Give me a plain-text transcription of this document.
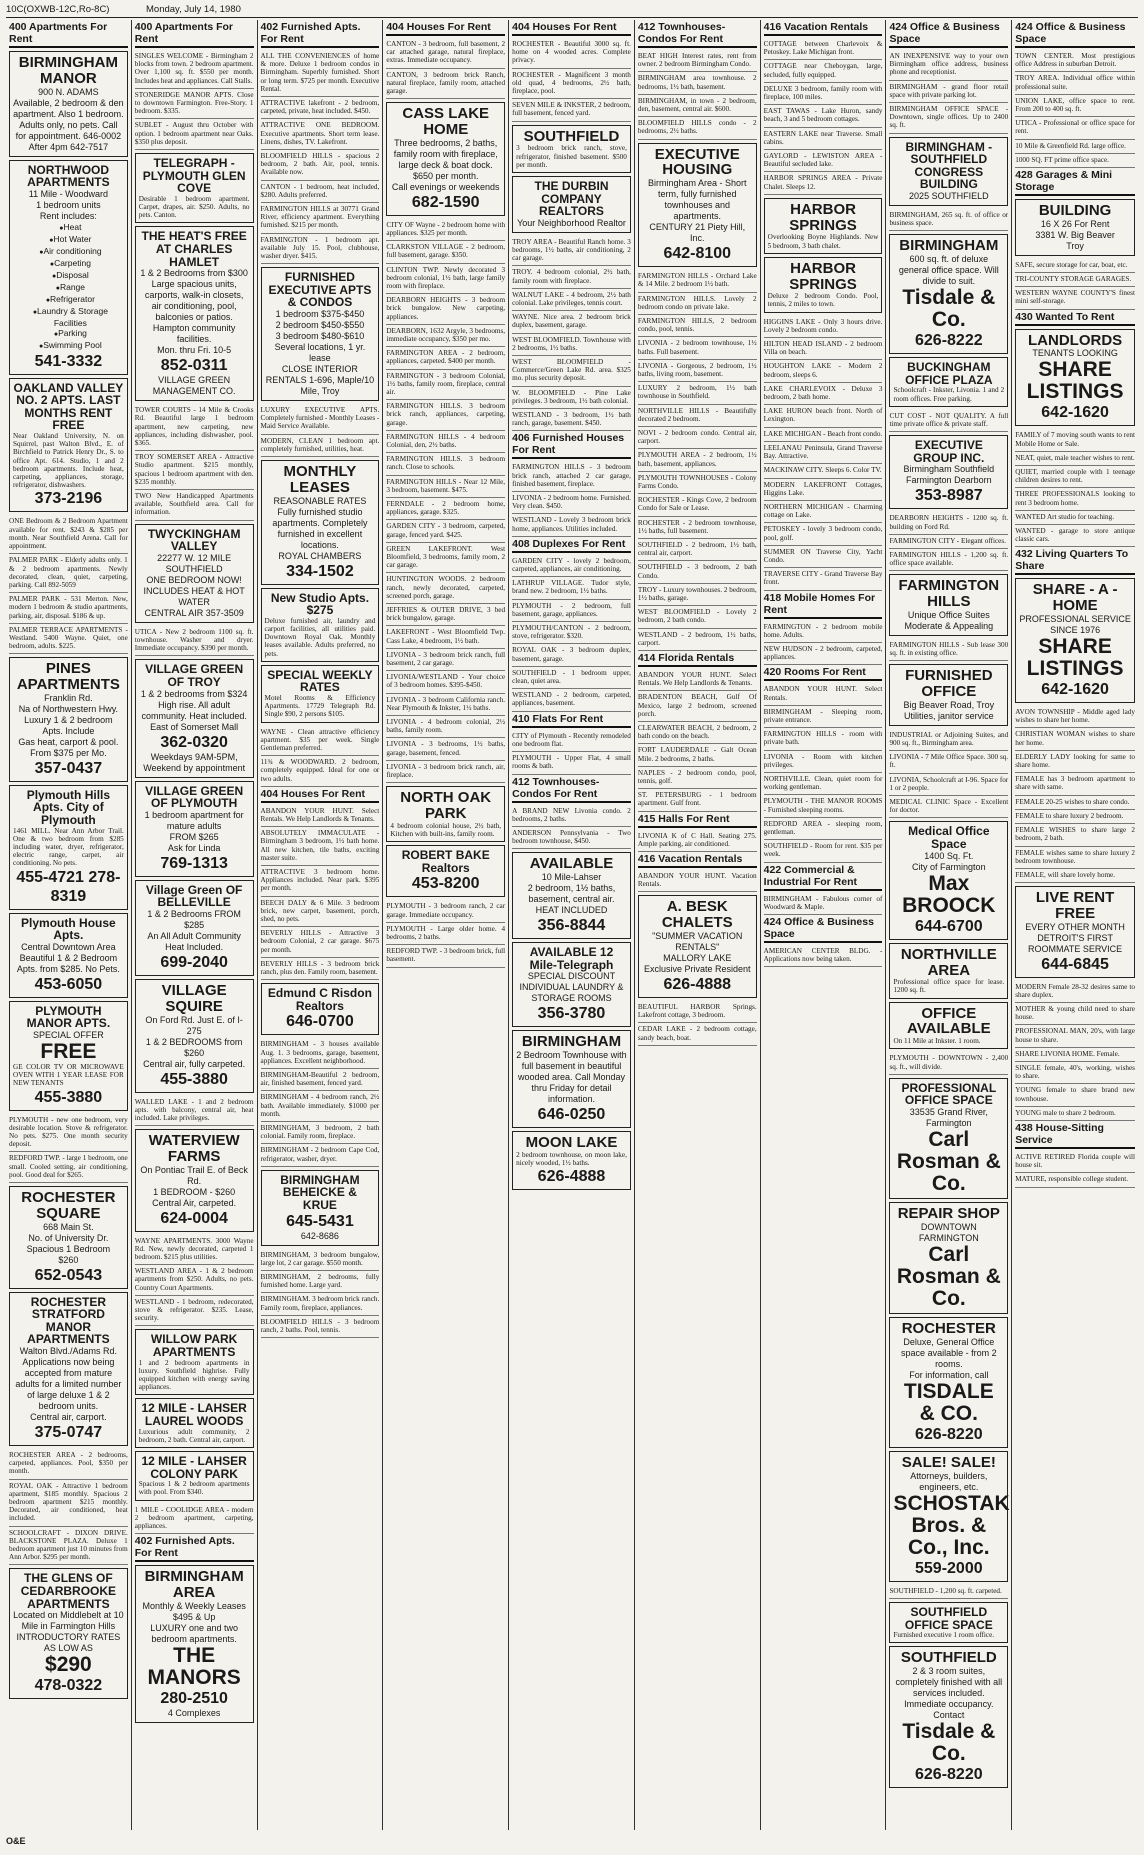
10C(OXWB-12C,Ro-8C)	Monday, July 14, 1980
400 Apartments For Rent
BIRMINGHAM MANOR
900 N. ADAMS
Available, 2 bedroom & den apartment. Also 1 bedroom. Adults only, no pets. Call for appointment. 646-0002
After 4pm 642-7517
NORTHWOOD APARTMENTS
11 Mile - Woodward
1 bedroom units
Rent includes:
● Heat
● Hot Water
● Air conditioning
● Carpeting
● Disposal
● Range
● Refrigerator
● Laundry & Storage Facilities
● Parking
● Swimming Pool
541-3332
OAKLAND VALLEY NO. 2 APTS. LAST MONTHS RENT FREE
Near Oakland University, N. on Squirrel, past Walton Blvd., E. of Birchfield to Patrick Henry Dr., S. to office Apt. 614. Studio, 1 and 2 bedroom apartments. Include heat, carpeting, appliances, storage, refrigerator, dishwashers.
373-2196
ONE Bedroom & 2 Bedroom Apartment available for rent. $243 & $285 per month. Near Southfield Arena. Call for appointment.
PALMER PARK - Elderly adults only. 1 & 2 bedroom apartments. Newly decorated, clean, quiet, carpeting, parking. Call 892-5059
PALMER PARK - 531 Merton. New, modern 1 bedroom & studio apartments, parking, air, disposal. $186 & up.
PALMER TERRACE APARTMENTS - Westland. 5400 Wayne. Quiet, one bedroom, adults. $225.
PINES APARTMENTS
Franklin Rd.
Na of Northwestern Hwy.
Luxury 1 & 2 bedroom Apts. Include
Gas heat, carport & pool.
From $375 per Mo.
357-0437
Plymouth Hills Apts. City of Plymouth
1461 MILL. Near Ann Arbor Trail. One & two bedroom from $285 including water, dryer, refrigerator, electric range, carpet, air conditioning. No pets.
455-4721 278-8319
Plymouth House Apts.
Central Downtown Area
Beautiful 1 & 2 Bedroom Apts. from $285. No Pets.
453-6050
PLYMOUTH MANOR APTS.
SPECIAL OFFER
FREE
GE COLOR TV OR MICROWAVE OVEN WITH 1 YEAR LEASE FOR NEW TENANTS
455-3880
PLYMOUTH - new one bedroom, very desirable location. Stove & refrigerator. No pets. $275. One month security deposit.
REDFORD TWP. - large 1 bedroom, one small. Cooled setting, air conditioning, pool. Good deal for $265.
ROCHESTER SQUARE
668 Main St.
No. of University Dr.
Spacious 1 Bedroom
$260
652-0543
ROCHESTER STRATFORD MANOR APARTMENTS
Walton Blvd./Adams Rd.
Applications now being accepted from mature adults for a limited number of large deluxe 1 & 2 bedroom units.
Central air, carport.
375-0747
ROCHESTER AREA - 2 bedrooms, carpeted, appliances. Pool, $350 per month.
ROYAL OAK - Attractive 1 bedroom apartment, $185 monthly. Spacious 2 bedroom apartment $215 monthly. Decorated, air conditioned, heat included.
SCHOOLCRAFT - DIXON DRIVE. BLACKSTONE PLAZA. Deluxe 1 bedroom apartment just 10 minutes from Ann Arbor. $295 per month.
THE GLENS OF CEDARBROOKE APARTMENTS
Located on Middlebelt at 10 Mile in Farmington Hills
INTRODUCTORY RATES AS LOW AS
$290
478-0322
400 Apartments For Rent
SINGLES WELCOME - Birmingham 2 blocks from town. 2 bedroom apartment. Over 1,100 sq. ft. $550 per month. Includes heat and appliances. Call Stalls.
STONERIDGE MANOR APTS. Close to downtown Farmington. Free-Story. 1 bedroom. $335.
SUBLET - August thru October with option. 1 bedroom apartment near Oaks. $350 plus deposit.
TELEGRAPH - PLYMOUTH GLEN COVE
Desirable 1 bedroom apartment. Carpet, drapes, air. $250. Adults, no pets. Canton.
THE HEAT'S FREE AT CHARLES HAMLET
1 & 2 Bedrooms from $300
Large spacious units, carports, walk-in closets, air conditioning, pool, balconies or patios. Hampton community facilities.
Mon. thru Fri. 10-5
852-0311
VILLAGE GREEN MANAGEMENT CO.
TOWER COURTS - 14 Mile & Crooks Rd. Beautiful large 1 bedroom apartment, new carpeting, new appliances, including dishwasher, pool. $365.
TROY SOMERSET AREA - Attractive Studio apartment. $215 monthly, spacious 1 bedroom apartment with den. $235 monthly.
TWO New Handicapped Apartments available, Southfield area. Call for information.
TWYCKINGHAM VALLEY
22277 W. 12 MILE SOUTHFIELD
ONE BEDROOM NOW! INCLUDES HEAT & HOT WATER
CENTRAL AIR 357-3509
UTICA - New 2 bedroom 1100 sq. ft. townhouse. Washer and dryer. Immediate occupancy. $390 per month.
VILLAGE GREEN OF TROY
1 & 2 bedrooms from $324
High rise. All adult community. Heat included.
East of Somerset Mall
362-0320
Weekdays 9AM-5PM, Weekend by appointment
VILLAGE GREEN OF PLYMOUTH
1 bedroom apartment for mature adults
FROM $265
Ask for Linda
769-1313
Village Green OF BELLEVILLE
1 & 2 Bedrooms FROM $285
An All Adult Community Heat Included.
699-2040
VILLAGE SQUIRE
On Ford Rd. Just E. of I-275
1 & 2 BEDROOMS from $260
Central air, fully carpeted.
455-3880
WALLED LAKE - 1 and 2 bedroom apts. with balcony, central air, heat included. Lake privileges.
WATERVIEW FARMS
On Pontiac Trail E. of Beck Rd.
1 BEDROOM - $260
Central Air, carpeted.
624-0004
WAYNE APARTMENTS. 3000 Wayne Rd. New, newly decorated, carpeted 1 bedroom. $215 plus utilities.
WESTLAND AREA - 1 & 2 bedroom apartments from $250. Adults, no pets. Country Court Apartments.
WESTLAND - 1 bedroom, redecorated, stove & refrigerator. $235. Lease, security.
WILLOW PARK APARTMENTS
1 and 2 bedroom apartments in luxury. Southfield highrise. Fully equipped kitchen with energy saving appliances.
12 MILE - LAHSER LAUREL WOODS
Luxurious adult community, 2 bedroom, 2 bath. Central air, carport.
12 MILE - LAHSER COLONY PARK
Spacious 1 & 2 bedroom apartments with pool. From $340.
1 MILE - COOLIDGE AREA - modern 2 bedroom apartment, carpeting, appliances.
402 Furnished Apts. For Rent
BIRMINGHAM AREA
Monthly & Weekly Leases
$495 & Up
LUXURY one and two bedroom apartments.
THE MANORS
280-2510
4 Complexes
402 Furnished Apts. For Rent
ALL THE CONVENIENCES of home & more. Deluxe 1 bedroom condos in Birmingham. Superbly furnished. Short or long term. $725 per month. Executive Rental.
ATTRACTIVE lakefront - 2 bedroom, carpeted, private, heat included. $450.
ATTRACTIVE ONE BEDROOM. Executive apartments. Short term lease. Linens, dishes, TV. Lakefront.
BLOOMFIELD HILLS - spacious 2 bedroom, 2 bath. Air, pool, tennis. Available now.
CANTON - 1 bedroom, heat included, $280. Adults preferred.
FARMINGTON HILLS at 30771 Grand River, efficiency apartment. Everything furnished. $215 per month.
FARMINGTON - 1 bedroom apt. available July 15. Pool, clubhouse, washer dryer. $415.
FURNISHED EXECUTIVE APTS & CONDOS
1 bedroom $375-$450
2 bedroom $450-$550
3 bedroom $480-$610
Several locations, 1 yr. lease
CLOSE INTERIOR RENTALS 1-696, Maple/10 Mile, Troy
LUXURY EXECUTIVE APTS. Completely furnished - Monthly Leases - Maid Service Available.
MODERN, CLEAN 1 bedroom apt. completely furnished, utilities, heat.
MONTHLY LEASES
REASONABLE RATES
Fully furnished studio apartments. Completely furnished in excellent locations.
ROYAL CHAMBERS
334-1502
New Studio Apts. $275
Deluxe furnished air, laundry and carport facilities, all utilities paid. Downtown Royal Oak. Monthly leases available. Adults preferred, no pets.
SPECIAL WEEKLY RATES
Motel Rooms & Efficiency Apartments. 17729 Telegraph Rd. Single $90, 2 persons $105.
WAYNE - Clean attractive efficiency apartment. $35 per week. Single Gentleman preferred.
11¾ & WOODWARD. 2 bedroom, completely equipped. Ideal for one or two adults.
404 Houses For Rent
ABANDON YOUR HUNT. Select Rentals. We Help Landlords & Tenants.
ABSOLUTELY IMMACULATE - Birmingham 3 bedroom, 1½ bath home. All new kitchen, tile baths, exciting master suite.
ATTRACTIVE 3 bedroom home. Appliances included. Near park. $395 per month.
BEECH DALY & 6 Mile. 3 bedroom brick, new carpet, basement, porch, shed, no pets.
BEVERLY HILLS - Attractive 3 bedroom Colonial, 2 car garage. $675 per month.
BEVERLY HILLS - 3 bedroom brick ranch, plus den. Family room, basement.
Edmund C Risdon Realtors
646-0700
BIRMINGHAM - 3 houses available Aug. 1. 3 bedrooms, garage, basement, appliances. Excellent neighborhood.
BIRMINGHAM-Beautiful 2 bedroom, air, finished basement, fenced yard.
BIRMINGHAM - 4 bedroom ranch, 2½ bath. Available immediately. $1000 per month.
BIRMINGHAM, 3 bedroom, 2 bath colonial. Family room, fireplace.
BIRMINGHAM - 2 bedroom Cape Cod, refrigerator, washer, dryer.
BIRMINGHAM BEHEICKE & KRUE
645-5431
642-8686
BIRMINGHAM, 3 bedroom bungalow, large lot, 2 car garage. $550 month.
BIRMINGHAM, 2 bedrooms, fully furnished home. Large yard.
BIRMINGHAM. 3 bedroom brick ranch. Family room, fireplace, appliances.
BLOOMFIELD HILLS - 3 bedroom ranch, 2 baths. Pool, tennis.
404 Houses For Rent
CANTON - 3 bedroom, full basement, 2 car attached garage, natural fireplace, extras. Immediate occupancy.
CANTON, 3 bedroom brick Ranch, natural fireplace, family room, attached garage.
CASS LAKE HOME
Three bedrooms, 2 baths, family room with fireplace, large deck & boat dock. $650 per month.
Call evenings or weekends
682-1590
CITY OF Wayne - 2 bedroom home with appliances. $325 per month.
CLARKSTON VILLAGE - 2 bedroom, full basement, garage. $350.
CLINTON TWP. Newly decorated 3 bedroom colonial, 1½ bath, large family room with fireplace.
DEARBORN HEIGHTS - 3 bedroom brick bungalow. New carpeting, appliances.
DEARBORN, 1632 Argyle, 3 bedrooms, immediate occupancy, $350 per mo.
FARMINGTON AREA - 2 bedroom, appliances, carpeted. $400 per month.
FARMINGTON - 3 bedroom Colonial, 1½ baths, family room, fireplace, central air.
FARMINGTON HILLS. 3 bedroom brick ranch, appliances, carpeting, garage.
FARMINGTON HILLS - 4 bedroom Colonial, den, 2½ baths.
FARMINGTON HILLS. 3 bedroom ranch. Close to schools.
FARMINGTON HILLS - Near 12 Mile, 3 bedroom, basement. $475.
FERNDALE - 2 bedroom home, appliances, garage. $325.
GARDEN CITY - 3 bedroom, carpeted, garage, fenced yard. $425.
GREEN LAKEFRONT. West Bloomfield, 3 bedrooms, family room, 2 car garage.
HUNTINGTON WOODS. 2 bedroom ranch, newly decorated, carpeted, screened porch, garage.
JEFFRIES & OUTER DRIVE, 3 bed brick bungalow, garage.
LAKEFRONT - West Bloomfield Twp. Cass Lake, 4 bedroom, 1½ bath.
LIVONIA - 3 bedroom brick ranch, full basement, 2 car garage.
LIVONIA/WESTLAND - Your choice of 3 bedroom homes. $395-$450.
LIVONIA - 3 bedroom California ranch. Near Plymouth & Inkster, 1½ baths.
LIVONIA - 4 bedroom colonial, 2½ baths, family room.
LIVONIA - 3 bedrooms, 1½ baths, garage, basement, fenced.
LIVONIA - 3 bedroom brick ranch, air, fireplace.
NORTH OAK PARK
4 bedroom colonial house, 2½ bath, Kitchen with built-ins, family room.
ROBERT BAKE Realtors
453-8200
PLYMOUTH - 3 bedroom ranch, 2 car garage. Immediate occupancy.
PLYMOUTH - Large older home. 4 bedrooms, 2 baths.
REDFORD TWP. - 3 bedroom brick, full basement.
404 Houses For Rent
ROCHESTER - Beautiful 3000 sq. ft. home on 4 wooded acres. Complete privacy.
ROCHESTER - Magnificent 3 month old quad, 4 bedrooms, 2½ bath, fireplace, pool.
SEVEN MILE & INKSTER, 2 bedroom, full basement, fenced yard.
SOUTHFIELD
3 bedroom brick ranch, stove, refrigerator, finished basement. $500 per month.
THE DURBIN COMPANY REALTORS
Your Neighborhood Realtor
TROY AREA - Beautiful Ranch home. 3 bedrooms, 1½ baths, air conditioning, 2 car garage.
TROY. 4 bedroom colonial, 2½ bath, family room with fireplace.
WALNUT LAKE - 4 bedroom, 2½ bath colonial. Lake privileges, tennis court.
WAYNE. Nice area. 2 bedroom brick duplex, basement, garage.
WEST BLOOMFIELD. Townhouse with 2 bedrooms, 1½ baths.
WEST BLOOMFIELD - Commerce/Green Lake Rd. area. $325 mo. plus security deposit.
W. BLOOMFIELD - Pine Lake privileges. 3 bedroom, 1½ bath colonial.
WESTLAND - 3 bedroom, 1½ bath ranch, garage, basement. $450.
406 Furnished Houses For Rent
FARMINGTON HILLS - 3 bedroom brick ranch, attached 2 car garage, finished basement, fireplace.
LIVONIA - 2 bedroom home. Furnished. Very clean. $450.
WESTLAND - Lovely 3 bedroom brick home, appliances. Utilities included.
408 Duplexes For Rent
GARDEN CITY - lovely 2 bedroom, carpeted, appliances, air conditioning.
LATHRUP VILLAGE. Tudor style, brand new. 2 bedroom, 1½ baths.
PLYMOUTH - 2 bedroom, full basement, garage, appliances.
PLYMOUTH/CANTON - 2 bedroom, stove, refrigerator. $320.
ROYAL OAK - 3 bedroom duplex, basement, garage.
SOUTHFIELD - 1 bedroom upper, clean, quiet area.
WESTLAND - 2 bedroom, carpeted, appliances, basement.
410 Flats For Rent
CITY of Plymouth - Recently remodeled one bedroom flat.
PLYMOUTH - Upper Flat, 4 small rooms & bath.
412 Townhouses-Condos For Rent
A BRAND NEW Livonia condo. 2 bedrooms, 2 baths.
ANDERSON Pennsylvania - Two bedroom townhouse, $450.
AVAILABLE
10 Mile-Lahser
2 bedroom, 1½ baths, basement, central air.
HEAT INCLUDED
356-8844
AVAILABLE 12 Mile-Telegraph
SPECIAL DISCOUNT
INDIVIDUAL LAUNDRY & STORAGE ROOMS
356-3780
BIRMINGHAM
2 Bedroom Townhouse with full basement in beautiful wooded area. Call Monday thru Friday for detail information.
646-0250
MOON LAKE
2 bedroom townhouse, on moon lake, nicely wooded, 1½ baths.
626-4888
412 Townhouses-Condos For Rent
BEAT HIGH Interest rates, rent from owner. 2 bedroom Birmingham Condo.
BIRMINGHAM area townhouse. 2 bedrooms, 1½ bath, basement.
BIRMINGHAM, in town - 2 bedroom, den, basement, central air. $600.
BLOOMFIELD HILLS condo - 2 bedrooms, 2½ baths.
EXECUTIVE HOUSING
Birmingham Area - Short term, fully furnished townhouses and apartments.
CENTURY 21 Piety Hill, Inc.
642-8100
FARMINGTON HILLS - Orchard Lake & 14 Mile. 2 bedroom 1½ bath.
FARMINGTON HILLS. Lovely 2 bedroom condo on private lake.
FARMINGTON HILLS, 2 bedroom condo, pool, tennis.
LIVONIA - 2 bedroom townhouse, 1½ baths. Full basement.
LIVONIA - Gorgeous, 2 bedroom, 1½ baths, living room, basement.
LUXURY 2 bedroom, 1½ bath townhouse in Southfield.
NORTHVILLE HILLS - Beautifully decorated 2 bedroom.
NOVI - 2 bedroom condo. Central air, carport.
PLYMOUTH AREA - 2 bedroom, 1½ bath, basement, appliances.
PLYMOUTH TOWNHOUSES - Colony Farms Condo.
ROCHESTER - Kings Cove, 2 bedroom Condo for Sale or Lease.
ROCHESTER - 2 bedroom townhouse, 1½ baths, full basement.
SOUTHFIELD - 2 bedroom, 1½ bath, central air, carport.
SOUTHFIELD - 3 bedroom, 2 bath Condo.
TROY - Luxury townhouses. 2 bedroom, 1½ baths, garage.
WEST BLOOMFIELD - Lovely 2 bedroom, 2 bath condo.
WESTLAND - 2 bedroom, 1½ baths, carport.
414 Florida Rentals
ABANDON YOUR HUNT. Select Rentals. We Help Landlords & Tenants.
BRADENTON BEACH, Gulf Of Mexico, large 2 bedroom, screened porch.
CLEARWATER BEACH, 2 bedroom, 2 bath condo on the beach.
FORT LAUDERDALE - Galt Ocean Mile. 2 bedrooms, 2 baths.
NAPLES - 2 bedroom condo, pool, tennis, golf.
ST. PETERSBURG - 1 bedroom apartment. Gulf front.
415 Halls For Rent
LIVONIA K of C Hall. Seating 275. Ample parking, air conditioned.
416 Vacation Rentals
ABANDON YOUR HUNT. Vacation Rentals.
A. BESK CHALETS
"SUMMER VACATION RENTALS"
MALLORY LAKE
Exclusive Private Resident
626-4888
BEAUTIFUL HARBOR Springs. Lakefront cottage, 3 bedroom.
CEDAR LAKE - 2 bedroom cottage, sandy beach, boat.
416 Vacation Rentals
COTTAGE between Charlevoix & Petoskey. Lake Michigan front.
COTTAGE near Cheboygan, large, secluded, fully equipped.
DELUXE 3 bedroom, family room with fireplace, 100 miles.
EAST TAWAS - Lake Huron, sandy beach, 3 and 5 bedroom cottages.
EASTERN LAKE near Traverse. Small cabins.
GAYLORD - LEWISTON AREA - Beautiful secluded lake.
HARBOR SPRINGS AREA - Private Chalet. Sleeps 12.
HARBOR SPRINGS
Overlooking Boyne Highlands. New 5 bedroom, 3 bath chalet.
HARBOR SPRINGS
Deluxe 2 bedroom Condo. Pool, tennis, 2 miles to town.
HIGGINS LAKE - Only 3 hours drive. Lovely 2 bedroom condo.
HILTON HEAD ISLAND - 2 bedroom Villa on beach.
HOUGHTON LAKE - Modern 2 bedroom, sleeps 6.
LAKE CHARLEVOIX - Deluxe 3 bedroom, 2 bath home.
LAKE HURON beach front. North of Lexington.
LAKE MICHIGAN - Beach front condo.
LEELANAU Peninsula, Grand Traverse Bay. Attractive.
MACKINAW CITY. Sleeps 6. Color TV.
MODERN LAKEFRONT Cottages, Higgins Lake.
NORTHERN MICHIGAN - Charming cottage on Lake.
PETOSKEY - lovely 3 bedroom condo, pool, golf.
SUMMER ON Traverse City, Yacht Condo.
TRAVERSE CITY - Grand Traverse Bay front.
418 Mobile Homes For Rent
FARMINGTON - 2 bedroom mobile home. Adults.
NEW HUDSON - 2 bedroom, carpeted, appliances.
420 Rooms For Rent
ABANDON YOUR HUNT. Select Rentals.
BIRMINGHAM - Sleeping room, private entrance.
FARMINGTON HILLS - room with private bath.
LIVONIA - Room with kitchen privileges.
NORTHVILLE. Clean, quiet room for working gentleman.
PLYMOUTH - THE MANOR ROOMS - Furnished sleeping rooms.
REDFORD AREA - sleeping room, gentleman.
SOUTHFIELD - Room for rent. $35 per week.
422 Commercial & Industrial For Rent
BIRMINGHAM - Fabulous corner of Woodward & Maple.
424 Office & Business Space
AMERICAN CENTER BLDG. - Applications now being taken.
424 Office & Business Space
AN INEXPENSIVE way to your own Birmingham office address, business phone and receptionist.
BIRMINGHAM - grand floor retail space with private parking lot.
BIRMINGHAM OFFICE SPACE - Downtown, single offices. Up to 2400 sq. ft.
BIRMINGHAM - SOUTHFIELD CONGRESS BUILDING
2025 SOUTHFIELD
BIRMINGHAM, 265 sq. ft. of office or business space.
BIRMINGHAM
600 sq. ft. of deluxe general office space. Will divide to suit.
Tisdale & Co.
626-8222
BUCKINGHAM OFFICE PLAZA
Schoolcraft - Inkster, Livonia. 1 and 2 room offices. Free parking.
CUT COST - NOT QUALITY. A full time private office & private staff.
EXECUTIVE GROUP INC.
Birmingham Southfield
Farmington Dearborn
353-8987
DEARBORN HEIGHTS - 1200 sq. ft. building on Ford Rd.
FARMINGTON CITY - Elegant offices.
FARMINGTON HILLS - 1,200 sq. ft. office space available.
FARMINGTON HILLS
Unique Office Suites
Moderate & Appealing
FARMINGTON HILLS - Sub lease 300 sq. ft. in existing office.
FURNISHED OFFICE
Big Beaver Road, Troy
Utilities, janitor service
INDUSTRIAL or Adjoining Suites, and 900 sq. ft., Birmingham area.
LIVONIA - 7 Mile Office Space. 300 sq. ft.
LIVONIA, Schoolcraft at I-96. Space for 1 or 2 people.
MEDICAL CLINIC Space - Excellent for doctor.
Medical Office Space
1400 Sq. Ft.
City of Farmington
Max BROOCK
644-6700
NORTHVILLE AREA
Professional office space for lease. 1200 sq. ft.
OFFICE AVAILABLE
On 11 Mile at Inkster. 1 room.
PLYMOUTH - DOWNTOWN - 2,400 sq. ft., will divide.
PROFESSIONAL OFFICE SPACE
33535 Grand River, Farmington
Carl Rosman & Co.
REPAIR SHOP
DOWNTOWN FARMINGTON
Carl Rosman & Co.
ROCHESTER
Deluxe, General Office space available - from 2 rooms.
For information, call
TISDALE & CO.
626-8220
SALE! SALE!
Attorneys, builders, engineers, etc.
SCHOSTAK Bros. & Co., Inc.
559-2000
SOUTHFIELD - 1,200 sq. ft. carpeted.
SOUTHFIELD OFFICE SPACE
Furnished executive 1 room office.
SOUTHFIELD
2 & 3 room suites, completely finished with all services included. Immediate occupancy.
Contact
Tisdale & Co.
626-8220
424 Office & Business Space
TOWN CENTER. Most prestigious office Address in suburban Detroit.
TROY AREA. Individual office within professional suite.
UNION LAKE, office space to rent. From 200 to 400 sq. ft.
UTICA - Professional or office space for rent.
10 Mile & Greenfield Rd. large office.
1000 SQ. FT prime office space.
428 Garages & Mini Storage
BUILDING
16 X 26 For Rent
3381 W. Big Beaver
Troy
SAFE, secure storage for car, boat, etc.
TRI-COUNTY STORAGE GARAGES.
WESTERN WAYNE COUNTY'S finest mini self-storage.
430 Wanted To Rent
LANDLORDS
TENANTS LOOKING
SHARE LISTINGS
642-1620
FAMILY of 7 moving south wants to rent Mobile Home or Sale.
NEAT, quiet, male teacher wishes to rent.
QUIET, married couple with 1 teenage children desires to rent.
THREE PROFESSIONALS looking to rent 3 bedroom home.
WANTED Art studio for teaching.
WANTED - garage to store antique classic cars.
432 Living Quarters To Share
SHARE - A - HOME
PROFESSIONAL SERVICE SINCE 1976
SHARE LISTINGS
642-1620
AVON TOWNSHIP - Middle aged lady wishes to share her home.
CHRISTIAN WOMAN wishes to share her home.
ELDERLY LADY looking for same to share home.
FEMALE has 3 bedroom apartment to share with same.
FEMALE 20-25 wishes to share condo.
FEMALE to share luxury 2 bedroom.
FEMALE WISHES to share large 2 bedroom, 2 bath.
FEMALE wishes same to share luxury 2 bedroom townhouse.
FEMALE, will share lovely home.
LIVE RENT FREE
EVERY OTHER MONTH
DETROIT'S FIRST ROOMMATE SERVICE
644-6845
MODERN Female 28-32 desires same to share duplex.
MOTHER & young child need to share house.
PROFESSIONAL MAN, 20's, with large house to share.
SHARE LIVONIA HOME. Female.
SINGLE female, 40's, working, wishes to share.
YOUNG female to share brand new townhouse.
YOUNG male to share 2 bedroom.
438 House-Sitting Service
ACTIVE RETIRED Florida couple will house sit.
MATURE, responsible college student.
O&E
